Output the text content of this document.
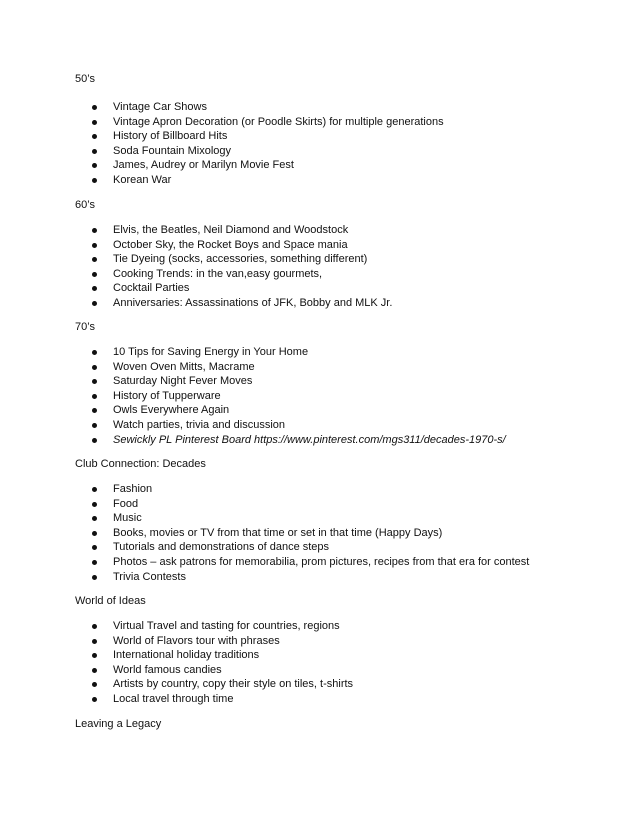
50’s
Vintage Car Shows
Vintage Apron Decoration (or Poodle Skirts) for multiple generations
History of Billboard Hits
Soda Fountain Mixology
James, Audrey or Marilyn Movie Fest
Korean War
60’s
Elvis, the Beatles, Neil Diamond and Woodstock
October Sky, the Rocket Boys and Space mania
Tie Dyeing (socks, accessories, something different)
Cooking Trends: in the van,easy gourmets,
Cocktail Parties
Anniversaries: Assassinations of JFK, Bobby and MLK Jr.
70’s
10 Tips for Saving Energy in Your Home
Woven Oven Mitts, Macrame
Saturday Night Fever Moves
History of Tupperware
Owls Everywhere Again
Watch parties, trivia and discussion
Sewickly PL Pinterest Board https://www.pinterest.com/mgs311/decades-1970-s/
Club Connection: Decades
Fashion
Food
Music
Books, movies or TV from that time or set in that time (Happy Days)
Tutorials and demonstrations of dance steps
Photos – ask patrons for memorabilia, prom pictures, recipes from that era for contest
Trivia Contests
World of Ideas
Virtual Travel and tasting for countries, regions
World of Flavors tour with phrases
International holiday traditions
World famous candies
Artists by country, copy their style on tiles, t-shirts
Local travel through time
Leaving a Legacy
